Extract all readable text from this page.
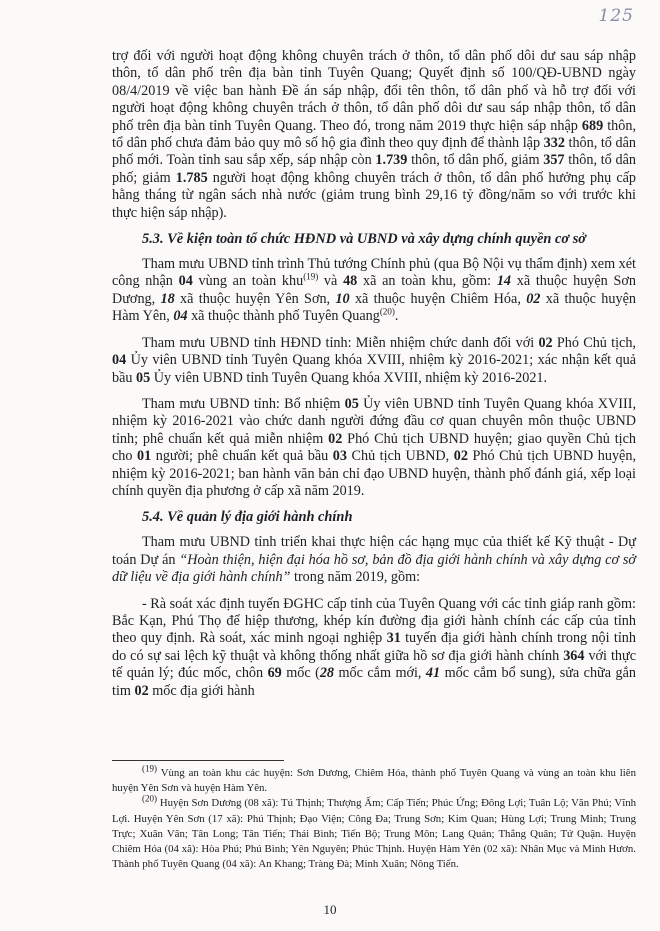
125

trợ đối với người hoạt động không chuyên trách ở thôn, tổ dân phố dôi dư sau sáp nhập thôn, tổ dân phố trên địa bàn tỉnh Tuyên Quang; Quyết định số 100/QĐ-UBND ngày 08/4/2019 về việc ban hành Đề án sáp nhập, đổi tên thôn, tổ dân phố và hỗ trợ đối với người hoạt động không chuyên trách ở thôn, tổ dân phố dôi dư sau sáp nhập thôn, tổ dân phố trên địa bàn tỉnh Tuyên Quang. Theo đó, trong năm 2019 thực hiện sáp nhập 689 thôn, tổ dân phố chưa đảm bảo quy mô số hộ gia đình theo quy định để thành lập 332 thôn, tổ dân phố mới. Toàn tỉnh sau sắp xếp, sáp nhập còn 1.739 thôn, tổ dân phố, giảm 357 thôn, tổ dân phố; giảm 1.785 người hoạt động không chuyên trách ở thôn, tổ dân phố hưởng phụ cấp hằng tháng từ ngân sách nhà nước (giảm trung bình 29,16 tỷ đồng/năm so với trước khi thực hiện sáp nhập).

5.3. Về kiện toàn tổ chức HĐND và UBND và xây dựng chính quyền cơ sở

Tham mưu UBND tỉnh trình Thủ tướng Chính phủ (qua Bộ Nội vụ thẩm định) xem xét công nhận 04 vùng an toàn khu$^{(19)}$ và 48 xã an toàn khu, gồm: 14 xã thuộc huyện Sơn Dương, 18 xã thuộc huyện Yên Sơn, 10 xã thuộc huyện Chiêm Hóa, 02 xã thuộc huyện Hàm Yên, 04 xã thuộc thành phố Tuyên Quang$^{(20)}$.

Tham mưu UBND tỉnh HĐND tỉnh: Miễn nhiệm chức danh đối với 02 Phó Chủ tịch, 04 Ủy viên UBND tỉnh Tuyên Quang khóa XVIII, nhiệm kỳ 2016-2021; xác nhận kết quả bầu 05 Ủy viên UBND tỉnh Tuyên Quang khóa XVIII, nhiệm kỳ 2016-2021.

Tham mưu UBND tỉnh: Bổ nhiệm 05 Ủy viên UBND tỉnh Tuyên Quang khóa XVIII, nhiệm kỳ 2016-2021 vào chức danh người đứng đầu cơ quan chuyên môn thuộc UBND tỉnh; phê chuẩn kết quả miễn nhiệm 02 Phó Chủ tịch UBND huyện; giao quyền Chủ tịch cho 01 người; phê chuẩn kết quả bầu 03 Chủ tịch UBND, 02 Phó Chủ tịch UBND huyện, nhiệm kỳ 2016-2021; ban hành văn bản chỉ đạo UBND huyện, thành phố đánh giá, xếp loại chính quyền địa phương ở cấp xã năm 2019.

5.4. Về quản lý địa giới hành chính

Tham mưu UBND tỉnh triển khai thực hiện các hạng mục của thiết kế Kỹ thuật - Dự toán Dự án “Hoàn thiện, hiện đại hóa hồ sơ, bản đồ địa giới hành chính và xây dựng cơ sở dữ liệu về địa giới hành chính” trong năm 2019, gồm:

- Rà soát xác định tuyến ĐGHC cấp tỉnh của Tuyên Quang với các tỉnh giáp ranh gồm: Bắc Kạn, Phú Thọ để hiệp thương, khép kín đường địa giới hành chính các cấp của tỉnh theo quy định. Rà soát, xác minh ngoại nghiệp 31 tuyến địa giới hành chính trong nội tỉnh do có sự sai lệch kỹ thuật và không thống nhất giữa hồ sơ địa giới hành chính 364 với thực tế quản lý; đúc mốc, chôn 69 mốc (28 mốc cắm mới, 41 mốc cắm bổ sung), sửa chữa gắn tim 02 mốc địa giới hành

$^{(19)}$ Vùng an toàn khu các huyện: Sơn Dương, Chiêm Hóa, thành phố Tuyên Quang và vùng an toàn khu liên huyện Yên Sơn và huyện Hàm Yên.

$^{(20)}$ Huyện Sơn Dương (08 xã): Tú Thịnh; Thượng Ấm; Cấp Tiến; Phúc Ứng; Đông Lợi; Tuân Lộ; Văn Phú; Vĩnh Lợi. Huyện Yên Sơn (17 xã): Phú Thịnh; Đạo Viện; Công Đa; Trung Sơn; Kim Quan; Hùng Lợi; Trung Minh; Trung Trực; Xuân Vân; Tân Long; Tân Tiến; Thái Bình; Tiến Bộ; Trung Môn; Lang Quán; Thắng Quân; Tứ Quận. Huyện Chiêm Hóa (04 xã): Hòa Phú; Phú Bình; Yên Nguyên; Phúc Thịnh. Huyện Hàm Yên (02 xã): Nhân Mục và Minh Hươn. Thành phố Tuyên Quang (04 xã): An Khang; Tràng Đà; Minh Xuân; Nông Tiến.

10
